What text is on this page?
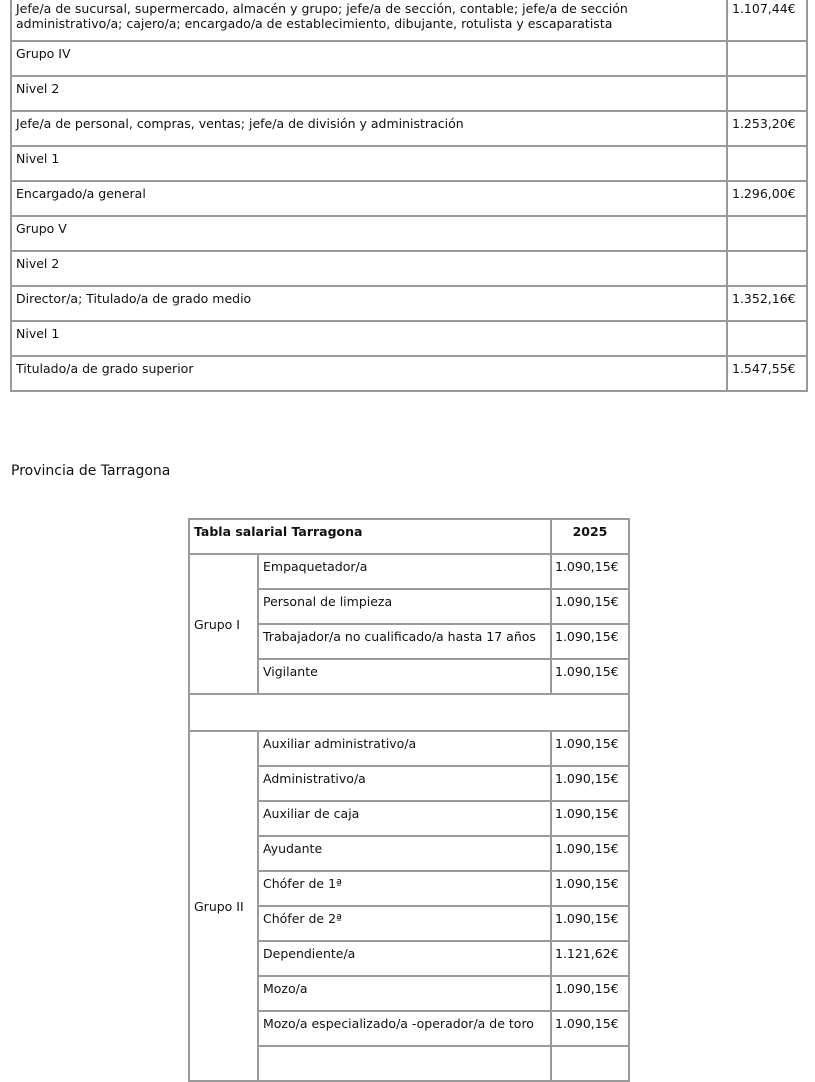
Jefe/a de sucursal, supermercado, almacén y grupo; jefe/a de sección, contable; jefe/a de sección administrativo/a; cajero/a; encargado/a de establecimiento, dibujante, rotulista y escaparatista	1.107,44€
Grupo IV	
Nivel 2	
Jefe/a de personal, compras, ventas; jefe/a de división y administración	1.253,20€
Nivel 1	
Encargado/a general	1.296,00€
Grupo V	
Nivel 2	
Director/a; Titulado/a de grado medio	1.352,16€
Nivel 1	
Titulado/a de grado superior	1.547,55€
Provincia de Tarragona
Tabla salarial Tarragona		2025
Grupo I	Empaquetador/a	1.090,15€
	Personal de limpieza	1.090,15€
	Trabajador/a no cualificado/a hasta 17 años	1.090,15€
	Vigilante	1.090,15€

Grupo II	Auxiliar administrativo/a	1.090,15€
	Administrativo/a	1.090,15€
	Auxiliar de caja	1.090,15€
	Ayudante	1.090,15€
	Chófer de 1ª	1.090,15€
	Chófer de 2ª	1.090,15€
	Dependiente/a	1.121,62€
	Mozo/a	1.090,15€
	Mozo/a especializado/a -operador/a de toro	1.090,15€
